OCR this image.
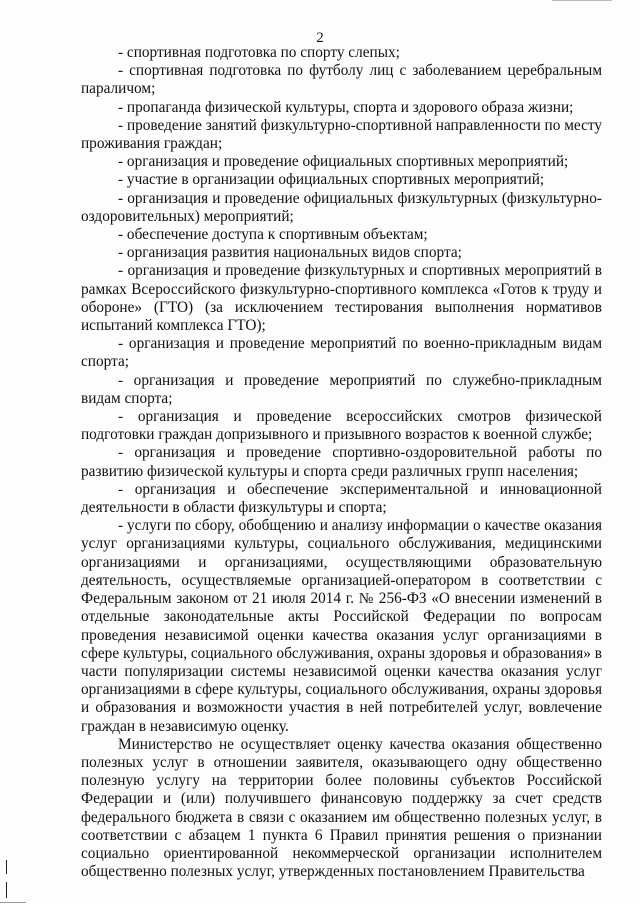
2

- спортивная подготовка по спорту слепых;

- спортивная подготовка по футболу лиц с заболеванием церебральным параличом;

- пропаганда физической культуры, спорта и здорового образа жизни;

- проведение занятий физкультурно-спортивной направленности по месту проживания граждан;

- организация и проведение официальных спортивных мероприятий;

- участие в организации официальных спортивных мероприятий;

- организация и проведение официальных физкультурных (физкультурно-оздоровительных) мероприятий;

- обеспечение доступа к спортивным объектам;

- организация развития национальных видов спорта;

- организация и проведение физкультурных и спортивных мероприятий в рамках Всероссийского физкультурно-спортивного комплекса «Готов к труду и обороне» (ГТО) (за исключением тестирования выполнения нормативов испытаний комплекса ГТО);

- организация и проведение мероприятий по военно-прикладным видам спорта;

- организация и проведение мероприятий по служебно-прикладным видам спорта;

- организация и проведение всероссийских смотров физической подготовки граждан допризывного и призывного возрастов к военной службе;

- организация и проведение спортивно-оздоровительной работы по развитию физической культуры и спорта среди различных групп населения;

- организация и обеспечение экспериментальной и инновационной деятельности в области физкультуры и спорта;

- услуги по сбору, обобщению и анализу информации о качестве оказания услуг организациями культуры, социального обслуживания, медицинскими организациями и организациями, осуществляющими образовательную деятельность, осуществляемые организацией-оператором в соответствии с Федеральным законом от 21 июля 2014 г. № 256-ФЗ «О внесении изменений в отдельные законодательные акты Российской Федерации по вопросам проведения независимой оценки качества оказания услуг организациями в сфере культуры, социального обслуживания, охраны здоровья и образования» в части популяризации системы независимой оценки качества оказания услуг организациями в сфере культуры, социального обслуживания, охраны здоровья и образования и возможности участия в ней потребителей услуг, вовлечение граждан в независимую оценку.

Министерство не осуществляет оценку качества оказания общественно полезных услуг в отношении заявителя, оказывающего одну общественно полезную услугу на территории более половины субъектов Российской Федерации и (или) получившего финансовую поддержку за счет средств федерального бюджета в связи с оказанием им общественно полезных услуг, в соответствии с абзацем 1 пункта 6 Правил принятия решения о признании социально ориентированной некоммерческой организации исполнителем общественно полезных услуг, утвержденных постановлением Правительства
